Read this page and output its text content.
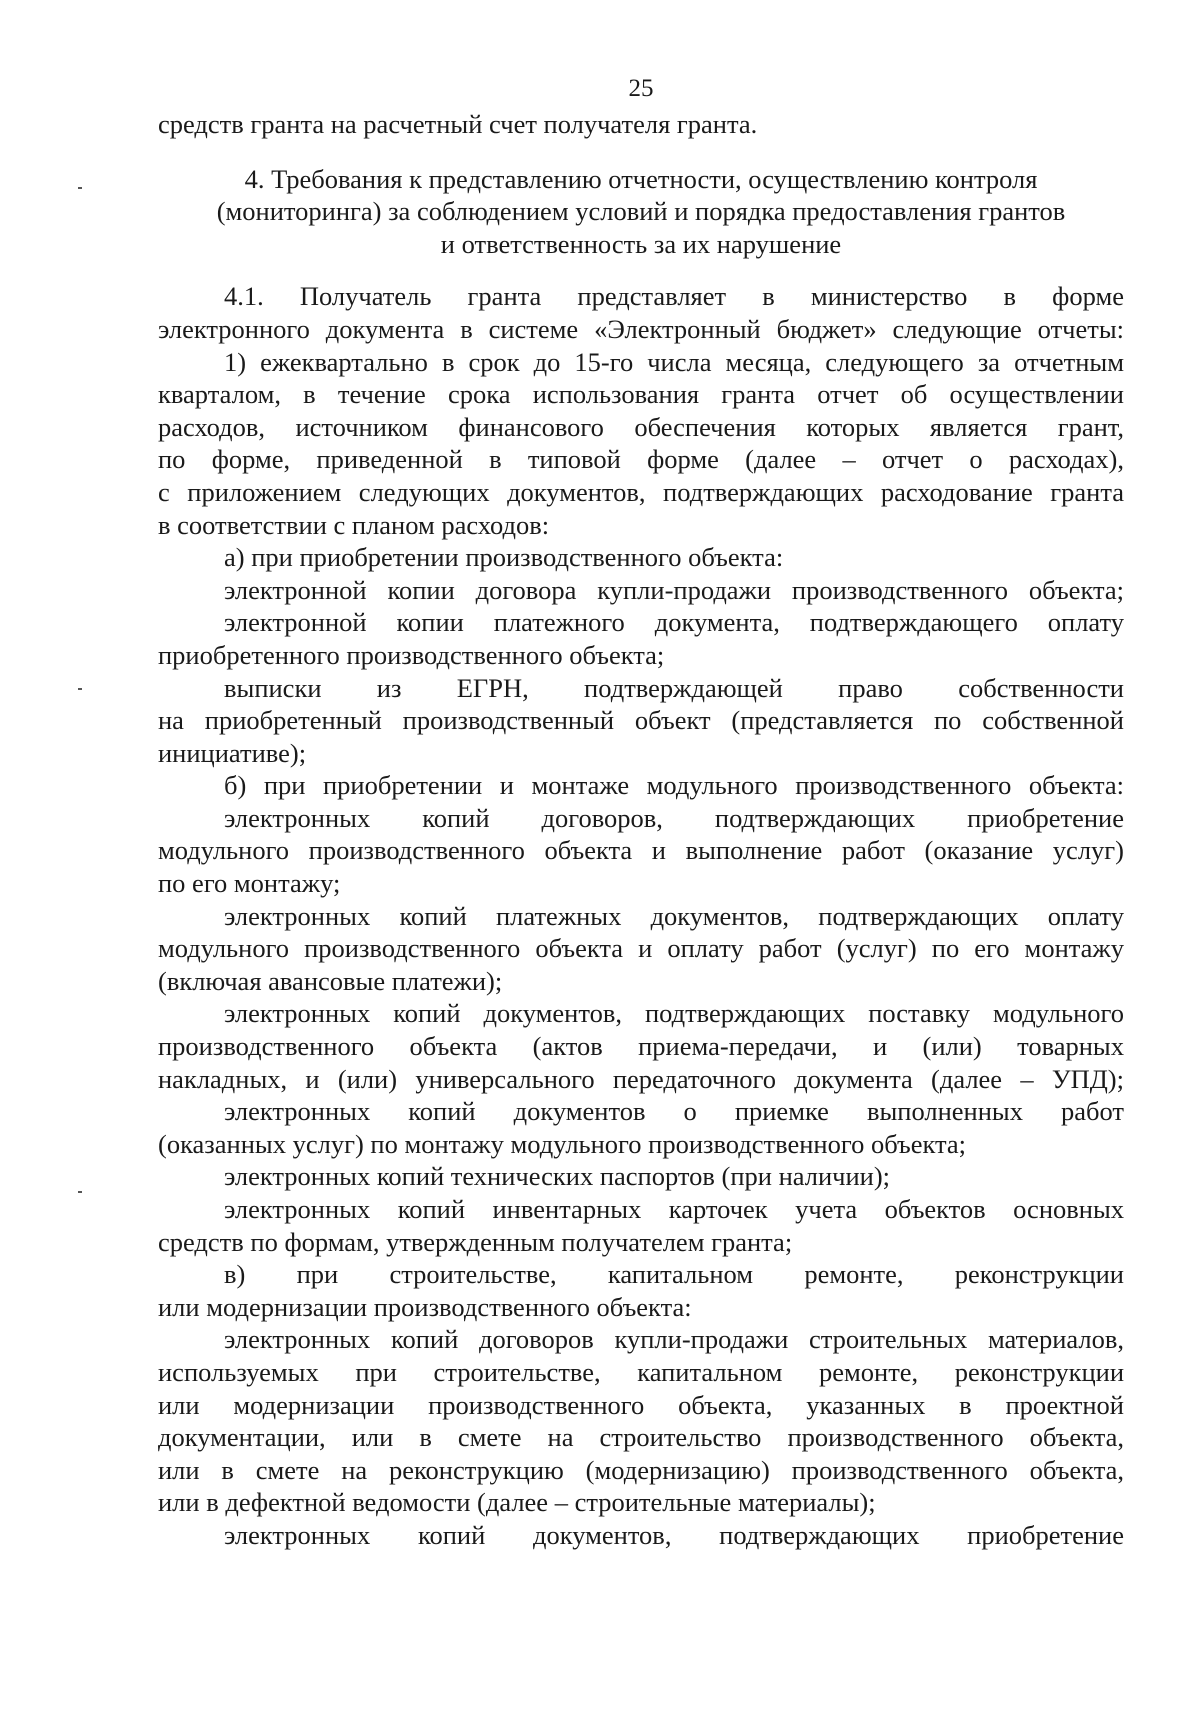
25
средств гранта на расчетный счет получателя гранта.
4. Требования к представлению отчетности, осуществлению контроля
(мониторинга) за соблюдением условий и порядка предоставления грантов
и ответственность за их нарушение
4.1. Получатель гранта представляет в министерство в форме
электронного документа в системе «Электронный бюджет» следующие отчеты:
1) ежеквартально в срок до 15-го числа месяца, следующего за отчетным
кварталом, в течение срока использования гранта отчет об осуществлении
расходов, источником финансового обеспечения которых является грант,
по форме, приведенной в типовой форме (далее – отчет о расходах),
с приложением следующих документов, подтверждающих расходование гранта
в соответствии с планом расходов:
а) при приобретении производственного объекта:
электронной копии договора купли-продажи производственного объекта;
электронной копии платежного документа, подтверждающего оплату
приобретенного производственного объекта;
выписки из ЕГРН, подтверждающей право собственности
на приобретенный производственный объект (представляется по собственной
инициативе);
б) при приобретении и монтаже модульного производственного объекта:
электронных копий договоров, подтверждающих приобретение
модульного производственного объекта и выполнение работ (оказание услуг)
по его монтажу;
электронных копий платежных документов, подтверждающих оплату
модульного производственного объекта и оплату работ (услуг) по его монтажу
(включая авансовые платежи);
электронных копий документов, подтверждающих поставку модульного
производственного объекта (актов приема-передачи, и (или) товарных
накладных, и (или) универсального передаточного документа (далее – УПД);
электронных копий документов о приемке выполненных работ
(оказанных услуг) по монтажу модульного производственного объекта;
электронных копий технических паспортов (при наличии);
электронных копий инвентарных карточек учета объектов основных
средств по формам, утвержденным получателем гранта;
в) при строительстве, капитальном ремонте, реконструкции
или модернизации производственного объекта:
электронных копий договоров купли-продажи строительных материалов,
используемых при строительстве, капитальном ремонте, реконструкции
или модернизации производственного объекта, указанных в проектной
документации, или в смете на строительство производственного объекта,
или в смете на реконструкцию (модернизацию) производственного объекта,
или в дефектной ведомости (далее – строительные материалы);
электронных копий документов, подтверждающих приобретение
